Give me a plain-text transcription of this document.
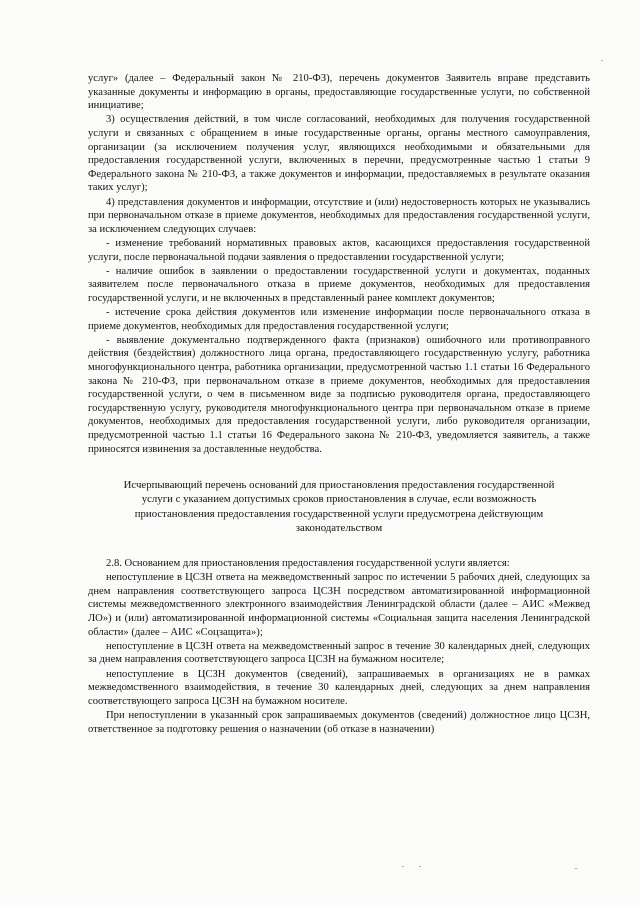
услуг» (далее – Федеральный закон № 210-ФЗ), перечень документов Заявитель вправе представить указанные документы и информацию в органы, предоставляющие государственные услуги, по собственной инициативе;

3) осуществления действий, в том числе согласований, необходимых для получения государственной услуги и связанных с обращением в иные государственные органы, органы местного самоуправления, организации (за исключением получения услуг, являющихся необходимыми и обязательными для предоставления государственной услуги, включенных в перечни, предусмотренные частью 1 статьи 9 Федерального закона № 210-ФЗ, а также документов и информации, предоставляемых в результате оказания таких услуг);

4) представления документов и информации, отсутствие и (или) недостоверность которых не указывались при первоначальном отказе в приеме документов, необходимых для предоставления государственной услуги, за исключением следующих случаев:

- изменение требований нормативных правовых актов, касающихся предоставления государственной услуги, после первоначальной подачи заявления о предоставлении государственной услуги;

- наличие ошибок в заявлении о предоставлении государственной услуги и документах, поданных заявителем после первоначального отказа в приеме документов, необходимых для предоставления государственной услуги, и не включенных в представленный ранее комплект документов;

- истечение срока действия документов или изменение информации после первоначального отказа в приеме документов, необходимых для предоставления государственной услуги;

- выявление документально подтвержденного факта (признаков) ошибочного или противоправного действия (бездействия) должностного лица органа, предоставляющего государственную услугу, работника многофункционального центра, работника организации, предусмотренной частью 1.1 статьи 16 Федерального закона № 210-ФЗ, при первоначальном отказе в приеме документов, необходимых для предоставления государственной услуги, о чем в письменном виде за подписью руководителя органа, предоставляющего государственную услугу, руководителя многофункционального центра при первоначальном отказе в приеме документов, необходимых для предоставления государственной услуги, либо руководителя организации, предусмотренной частью 1.1 статьи 16 Федерального закона № 210-ФЗ, уведомляется заявитель, а также приносятся извинения за доставленные неудобства.

Исчерпывающий перечень оснований для приостановления предоставления государственной
услуги с указанием допустимых сроков приостановления в случае, если возможность
приостановления предоставления государственной услуги предусмотрена действующим
законодательством

2.8. Основанием для приостановления предоставления государственной услуги является:

непоступление в ЦСЗН ответа на межведомственный запрос по истечении 5 рабочих дней, следующих за днем направления соответствующего запроса ЦСЗН посредством автоматизированной информационной системы межведомственного электронного взаимодействия Ленинградской области (далее – АИС «Межвед ЛО») и (или) автоматизированной информационной системы «Социальная защита населения Ленинградской области» (далее – АИС «Соцзащита»);

непоступление в ЦСЗН ответа на межведомственный запрос в течение 30 календарных дней, следующих за днем направления соответствующего запроса ЦСЗН на бумажном носителе;

непоступление в ЦСЗН документов (сведений), запрашиваемых в организациях не в рамках межведомственного взаимодействия, в течение 30 календарных дней, следующих за днем направления соответствующего запроса ЦСЗН на бумажном носителе.

При непоступлении в указанный срок запрашиваемых документов (сведений) должностное лицо ЦСЗН, ответственное за подготовку решения о назначении (об отказе в назначении)
